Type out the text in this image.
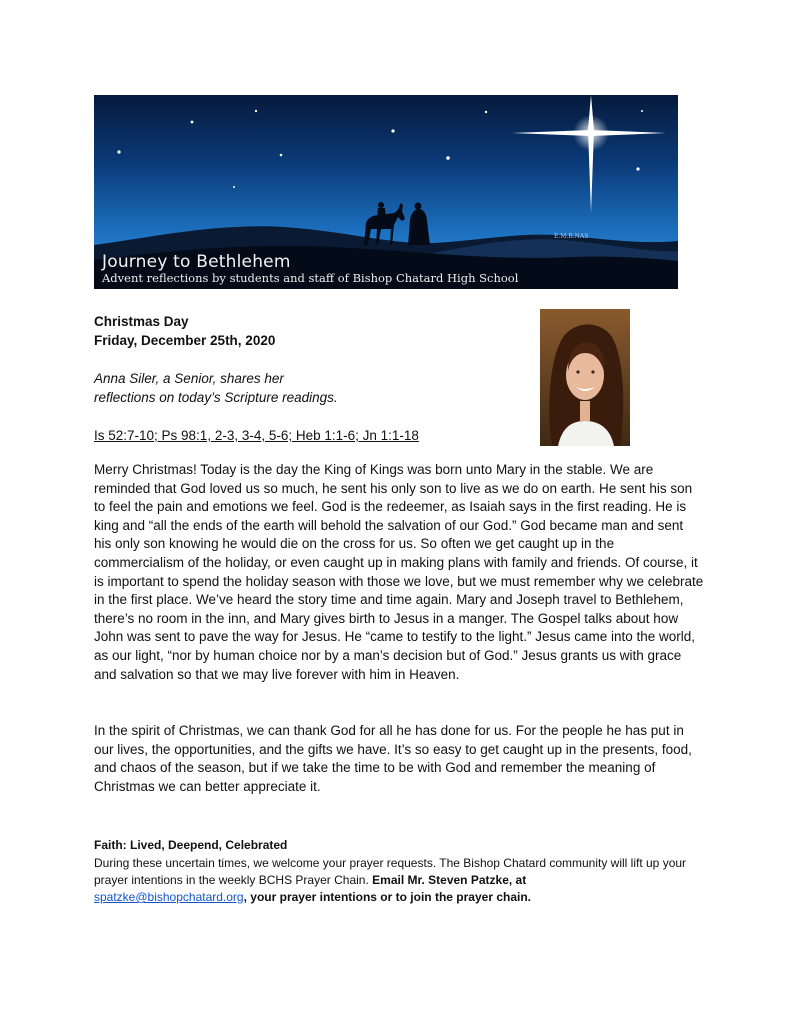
E.M.B.NAS
Journey to Bethlehem
Advent reflections by students and staff of Bishop Chatard High School
Christmas Day
Friday, December 25th, 2020
Anna Siler, a Senior, shares her
reflections on today’s Scripture readings.
Is 52:7-10; Ps 98:1, 2-3, 3-4, 5-6; Heb 1:1-6; Jn 1:1-18

Merry Christmas! Today is the day the King of Kings was born unto Mary in the stable. We are reminded that God loved us so much, he sent his only son to live as we do on earth. He sent his son to feel the pain and emotions we feel. God is the redeemer, as Isaiah says in the first reading. He is king and “all the ends of the earth will behold the salvation of our God.” God became man and sent his only son knowing he would die on the cross for us. So often we get caught up in the commercialism of the holiday, or even caught up in making plans with family and friends. Of course, it is important to spend the holiday season with those we love, but we must remember why we celebrate in the first place. We’ve heard the story time and time again. Mary and Joseph travel to Bethlehem, there’s no room in the inn, and Mary gives birth to Jesus in a manger. The Gospel talks about how John was sent to pave the way for Jesus. He “came to testify to the light.” Jesus came into the world, as our light, “nor by human choice nor by a man’s decision but of God.” Jesus grants us with grace and salvation so that we may live forever with him in Heaven.

In the spirit of Christmas, we can thank God for all he has done for us. For the people he has put in our lives, the opportunities, and the gifts we have. It’s so easy to get caught up in the presents, food, and chaos of the season, but if we take the time to be with God and remember the meaning of Christmas we can better appreciate it.

Faith: Lived, Deepend, Celebrated
During these uncertain times, we welcome your prayer requests. The Bishop Chatard community will lift up your prayer intentions in the weekly BCHS Prayer Chain. Email Mr. Steven Patzke, at
spatzke@bishopchatard.org, your prayer intentions or to join the prayer chain.
